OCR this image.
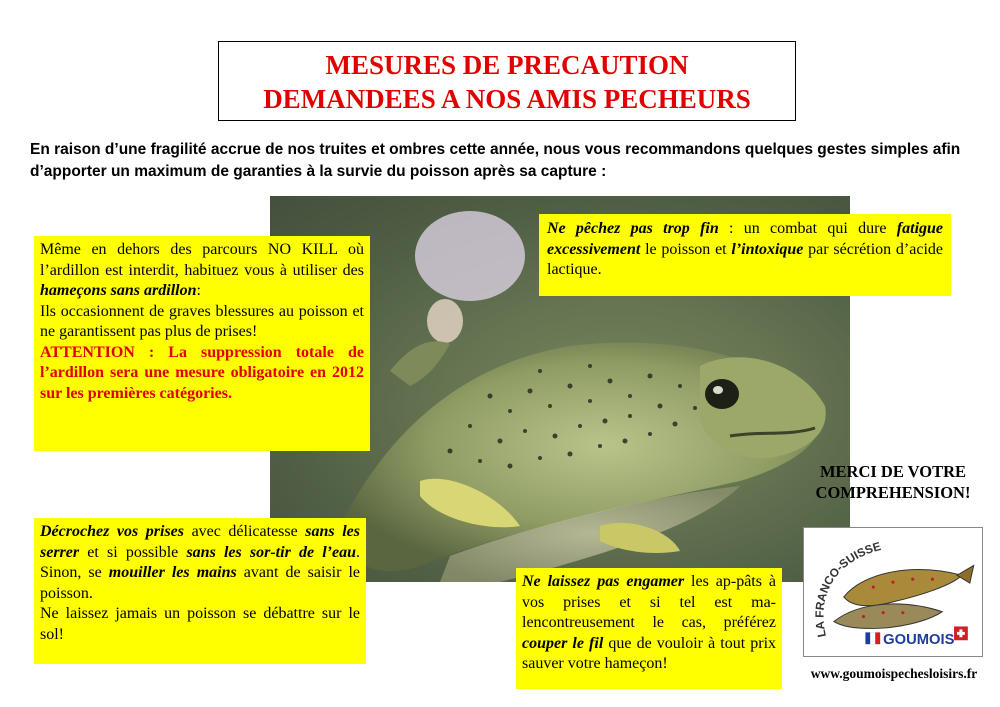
MESURES DE PRECAUTION
DEMANDEES A NOS AMIS PECHEURS
En raison d’une fragilité accrue de nos truites et ombres cette année, nous vous recommandons quelques gestes simples afin d’apporter un maximum de garanties à la survie du poisson après sa capture :
Même en dehors des parcours NO KILL où l’ardillon est interdit, habituez vous à utiliser des hameçons sans ardillon:
Ils occasionnent de graves blessures au poisson et ne garantissent pas plus de prises!
ATTENTION : La suppression totale de l’ardillon sera une mesure obligatoire en 2012 sur les premières catégories.
Ne pêchez pas trop fin : un combat qui dure fatigue excessivement le poisson et l’intoxique par sécrétion d’acide lactique.
Décrochez vos prises avec délicatesse sans les serrer et si possible sans les sor-tir de l’eau. Sinon, se mouiller les mains avant de saisir le poisson.
Ne laissez jamais un poisson se débattre sur le sol!
Ne laissez pas engamer les ap-pâts à vos prises et si tel est ma-lencontreusement le cas, préférez couper le fil que de vouloir à tout prix sauver votre hameçon!
MERCI DE VOTRE
COMPREHENSION!
LA FRANCO-SUISSE
GOUMOIS
www.goumoispechesloisirs.fr
